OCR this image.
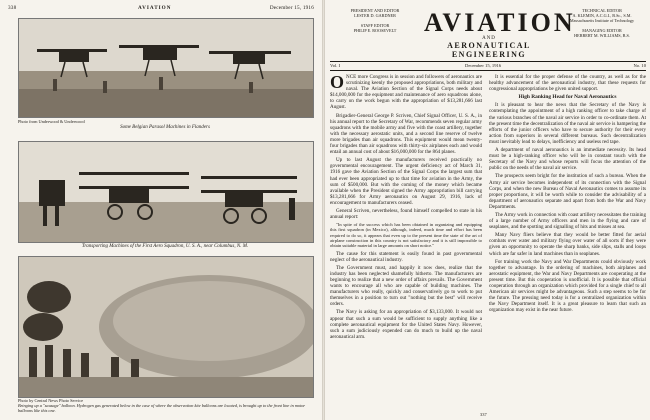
338	AVIATION	December 15, 1916
Photo from Underwood & Underwood
Some Belgian Parasol Machines in Flanders
Transporting Machines of the First Aero Squadron, U. S. A., near Columbus, N. M.
Photo by Central News Photo Service
Bringing up a "sausage" balloon. Hydrogen gas generated below in the case of where the observation kite balloons are located, is brought up to the front line in motor balloons like this one.
PRESIDENT AND EDITOR
LESTER D. GARDNER

STAFF EDITOR
PHILIP E. ROOSEVELT	AVIATION
AND
AERONAUTICAL ENGINEERING
TECHNICAL EDITOR
A. KLEMIN, A.C.G.I., B.Sc., S.M.
Massachusetts Institute of Technology

MANAGING EDITOR
HERBERT M. WILLIAMS, B.S.
Vol. I	December 15, 1916	No. 10

ONCE more Congress is in session and followers of aeronautics are scrutinizing keenly the proposed appropriations, both military and naval. The Aviation Section of the Signal Corps needs about $14,000,000 for the equipment and maintenance of aero squadrons alone, to carry on the work begun with the appropriation of $13,281,666 last August.

Brigadier-General George P. Scriven, Chief Signal Officer, U. S. A., in his annual report to the Secretary of War, recommends seven regular army squadrons with the mobile army and five with the coast artillery, together with the necessary aerostatic units, and a second line reserve of twelve more brigades than air squadrons. This equipment would mean twenty-four brigades than air squadrons with thirty-six airplanes each and would entail an annual cost of about $16,000,000 for the 864 planes.

Up to last August the manufacturers received practically no governmental encouragement. The urgent deficiency act of March 31, 1916 gave the Aviation Section of the Signal Corps the largest sum that had ever been appropriated up to that time for aviation in the Army, the sum of $500,000. But with the coming of the money which became available when the President signed the Army appropriation bill carrying $13,281,666 for Army aeronautics on August 29, 1916, lack of encouragement to manufacturers ceased.

General Scriven, nevertheless, found himself compelled to state in his annual report:

"In spite of the success which has been obtained in organizing and equipping this first squadron (in Mexico), although, indeed, much time and effort has been required to do so, it appears that even up to the present time the state of the art of airplane construction in this country is not satisfactory and it is still impossible to obtain suitable material in large amounts on short notice."

The cause for this statement is easily found in past governmental neglect of the aeronautical industry.

The Government must, and happily it now does, realize that the industry has been neglected shamefully hitherto. The manufacturers are beginning to realize that a new order of affairs prevails. The Government wants to encourage all who are capable of building machines. The manufacturers who really, quickly and conservatively go to work to put themselves in a position to turn out "nothing but the best" will receive orders.

The Navy is asking for an appropriation of $3,133,000. It would not appear that such a sum would be sufficient to supply anything like a complete aeronautical equipment for the United States Navy. However, such a sum judiciously expended can do much to build up the naval aeronautical arm.

It is essential for the proper defense of the country, as well as for the healthy advancement of the aeronautical industry, that these requests for congressional appropriations be given united support.

High Ranking Head for Naval Aeronautics

It is pleasant to hear the news that the Secretary of the Navy is contemplating the appointment of a high ranking officer to take charge of the various branches of the naval air service in order to co-ordinate them. At the present time the decentralization of the naval air service is hampering the efforts of the junior officers who have to secure authority for their every action from superiors in several different bureaus. Such decentralization must inevitably lead to delays, inefficiency and useless red tape.

A department of naval aeronautics is an immediate necessity. Its head must be a high-ranking officer who will be in constant touch with the Secretary of the Navy and whose reports will focus the attention of the public on the needs of the naval air service.

The prospects seem bright for the institution of such a bureau. When the Army air service becomes independent of its connection with the Signal Corps, and when the new Bureau of Naval Aeronautics comes to assume its proper proportions, it will be worth while to consider the advisability of a department of aeronautics separate and apart from both the War and Navy Departments.

The Army work in connection with coast artillery necessitates the training of a large number of Army officers and men in the flying and care of seaplanes, and the spotting and signalling of hits and misses at sea.

Many Navy fliers believe that they would be better fitted for aerial combats over water and military flying over water of all sorts if they were given an opportunity to operate the sharp banks, side slips, stalls and loops which are far safer in land machines than in seaplanes.

For training work the Navy and War Departments could obviously work together to advantage. In the ordering of machines, both airplanes and aerostatic equipment, the War and Navy Departments are cooperating at the present time. But this cooperation is unofficial. It is possible that official cooperation through an organization which provided for a single chief to all American air services might be advantageous. Such a step seems to be for the future. The pressing need today is for a centralized organization within the Navy Department itself. It is a great pleasure to learn that such an organization may exist in the near future.

337
